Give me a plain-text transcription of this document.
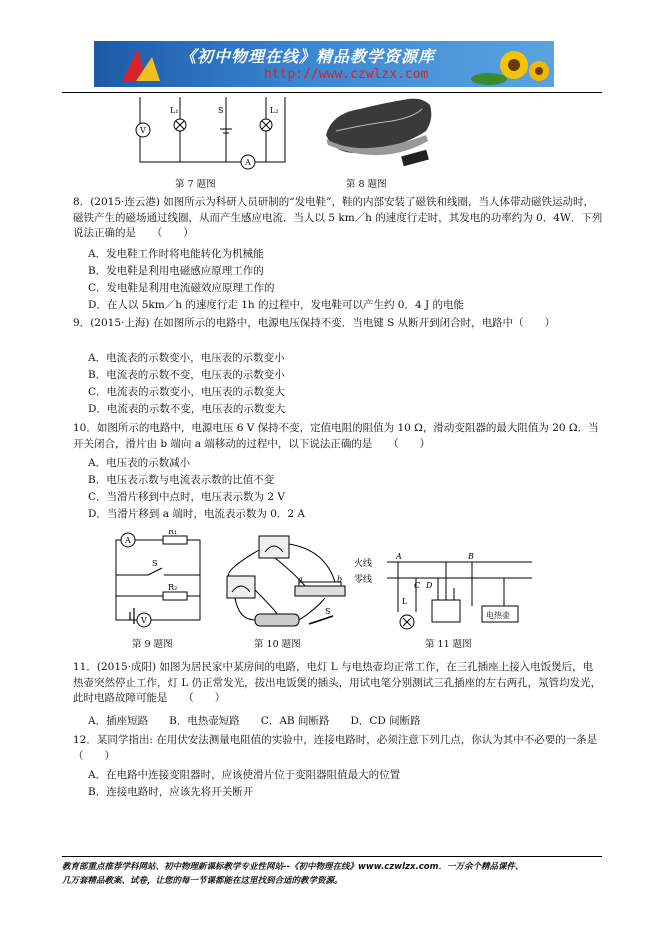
《初中物理在线》精品教学资源库
http://www.czwlzx.com
V
L₁	S	L₂
A
第 7 题图	第 8 题图
8．(2015·连云港) 如图所示为科研人员研制的“发电鞋”，鞋的内部安装了磁铁和线圈，当人体带动磁铁运动时，磁铁产生的磁场通过线圈，从而产生感应电流．当人以 5 km／h 的速度行走时，其发电的功率约为 0．4W．下列说法正确的是　　（　　）
A．发电鞋工作时将电能转化为机械能
B．发电鞋是利用电磁感应原理工作的
C．发电鞋是利用电流磁效应原理工作的
D．在人以 5km／h 的速度行走 1h 的过程中，发电鞋可以产生约 0．4 J 的电能
9．(2015·上海) 在如图所示的电路中，电源电压保持不变．当电键 S 从断开到闭合时，电路中（　　）
A．电流表的示数变小，电压表的示数变小
B．电流表的示数不变，电压表的示数变小
C．电流表的示数变小，电压表的示数变大
D．电流表的示数不变，电压表的示数变大
10．如图所示的电路中，电源电压 6 V 保持不变，定值电阻的阻值为 10 Ω，滑动变阻器的最大阻值为 20 Ω．当开关闭合，滑片由 b 端向 a 端移动的过程中，以下说法正确的是　　（　　）
A．电压表的示数减小
B．电压表示数与电流表示数的比值不变
C．当滑片移到中点时，电压表示数为 2 V
D．当滑片移到 a 端时，电流表示数为 0．2 A
A
R₁
S
R₂
V
第 9 题图
a	b
S
第 10 题图
火线
零线
A	B
C D
L
电热壶
第 11 题图
11．(2015·成阳) 如图为居民家中某房间的电路，电灯 L 与电热壶均正常工作，在三孔插座上接入电饭煲后，电热壶突然停止工作，灯 L 仍正常发光，拔出电饭煲的插头，用试电笔分别测试三孔插座的左右两孔，氖管均发光，此时电路故障可能是　　（　　）
A．插座短路　　B．电热壶短路　　C．AB 间断路　　D．CD 间断路
12．某同学指出: 在用伏安法测量电阻值的实验中，连接电路时，必须注意下列几点，你认为其中不必要的一条是　　（　　）
A．在电路中连接变阻器时，应该使滑片位于变阻器阻值最大的位置
B．连接电路时，应该先将开关断开
教育部重点推荐学科网站、初中物理新课标教学专业性网站--《初中物理在线》www.czwlzx.com．一万余个精品课件、
几万套精品教案、试卷，让您的每一节课都能在这里找到合适的教学资源。
